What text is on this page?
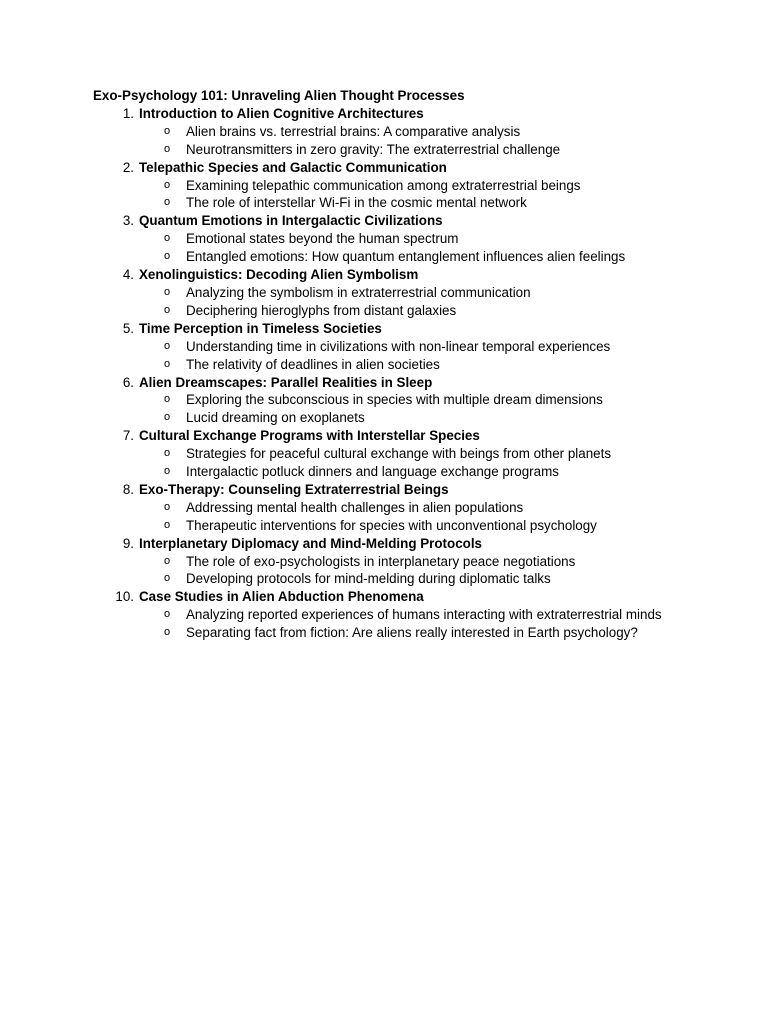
Exo-Psychology 101: Unraveling Alien Thought Processes
1. Introduction to Alien Cognitive Architectures
o Alien brains vs. terrestrial brains: A comparative analysis
o Neurotransmitters in zero gravity: The extraterrestrial challenge
2. Telepathic Species and Galactic Communication
o Examining telepathic communication among extraterrestrial beings
o The role of interstellar Wi-Fi in the cosmic mental network
3. Quantum Emotions in Intergalactic Civilizations
o Emotional states beyond the human spectrum
o Entangled emotions: How quantum entanglement influences alien feelings
4. Xenolinguistics: Decoding Alien Symbolism
o Analyzing the symbolism in extraterrestrial communication
o Deciphering hieroglyphs from distant galaxies
5. Time Perception in Timeless Societies
o Understanding time in civilizations with non-linear temporal experiences
o The relativity of deadlines in alien societies
6. Alien Dreamscapes: Parallel Realities in Sleep
o Exploring the subconscious in species with multiple dream dimensions
o Lucid dreaming on exoplanets
7. Cultural Exchange Programs with Interstellar Species
o Strategies for peaceful cultural exchange with beings from other planets
o Intergalactic potluck dinners and language exchange programs
8. Exo-Therapy: Counseling Extraterrestrial Beings
o Addressing mental health challenges in alien populations
o Therapeutic interventions for species with unconventional psychology
9. Interplanetary Diplomacy and Mind-Melding Protocols
o The role of exo-psychologists in interplanetary peace negotiations
o Developing protocols for mind-melding during diplomatic talks
10. Case Studies in Alien Abduction Phenomena
o Analyzing reported experiences of humans interacting with extraterrestrial minds
o Separating fact from fiction: Are aliens really interested in Earth psychology?
